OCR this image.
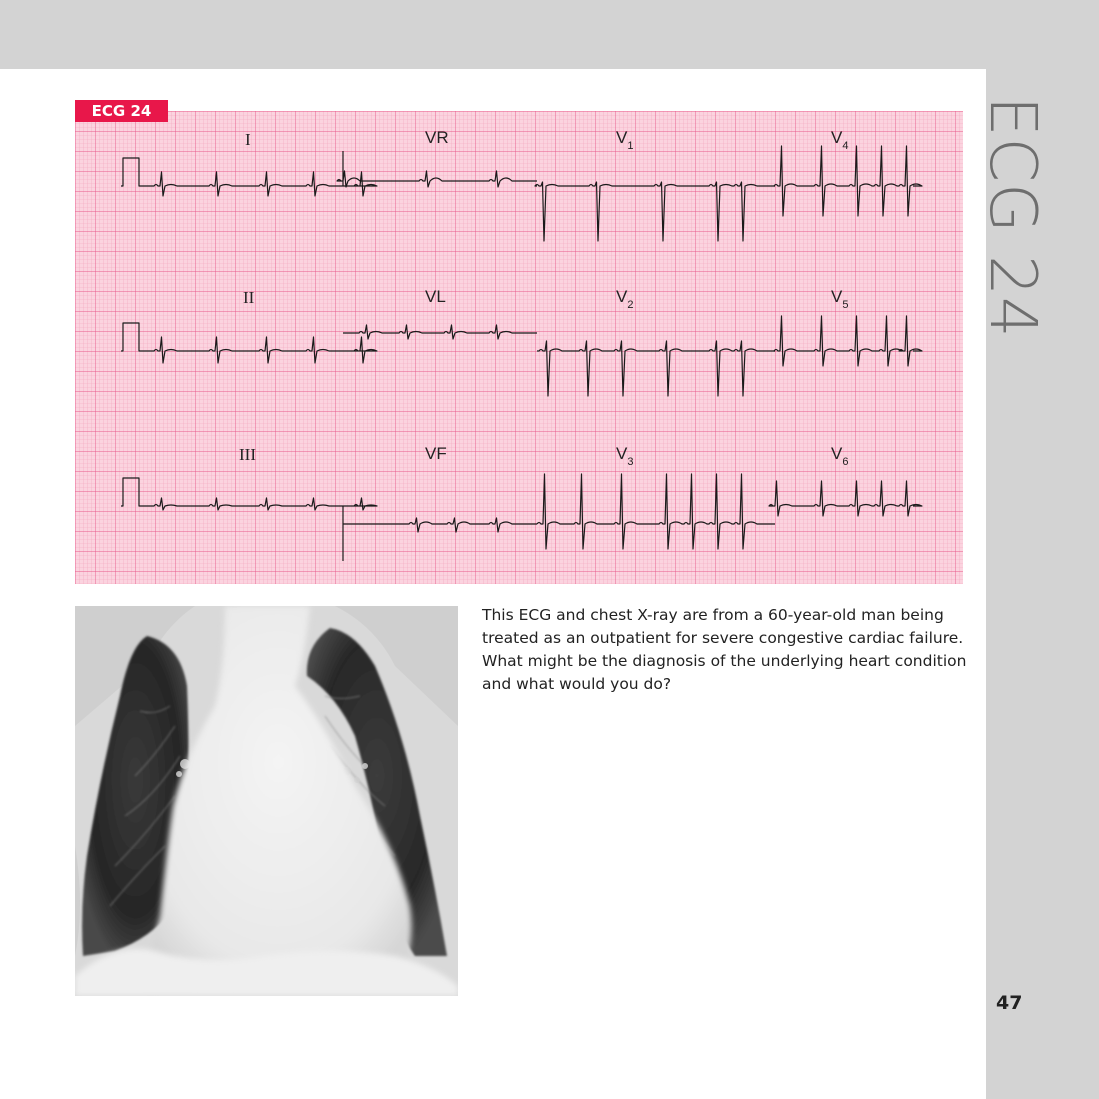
ECG 24
I	VR	$V_1$	$V_4$
II	VL	$V_2$	$V_5$
III	VF	$V_3$	$V_6$
ECG 24

This ECG and chest X-ray are from a 60-year-old man being treated as an outpatient for severe congestive cardiac failure. What might be the diagnosis of the underlying heart condition and what would you do?

47
